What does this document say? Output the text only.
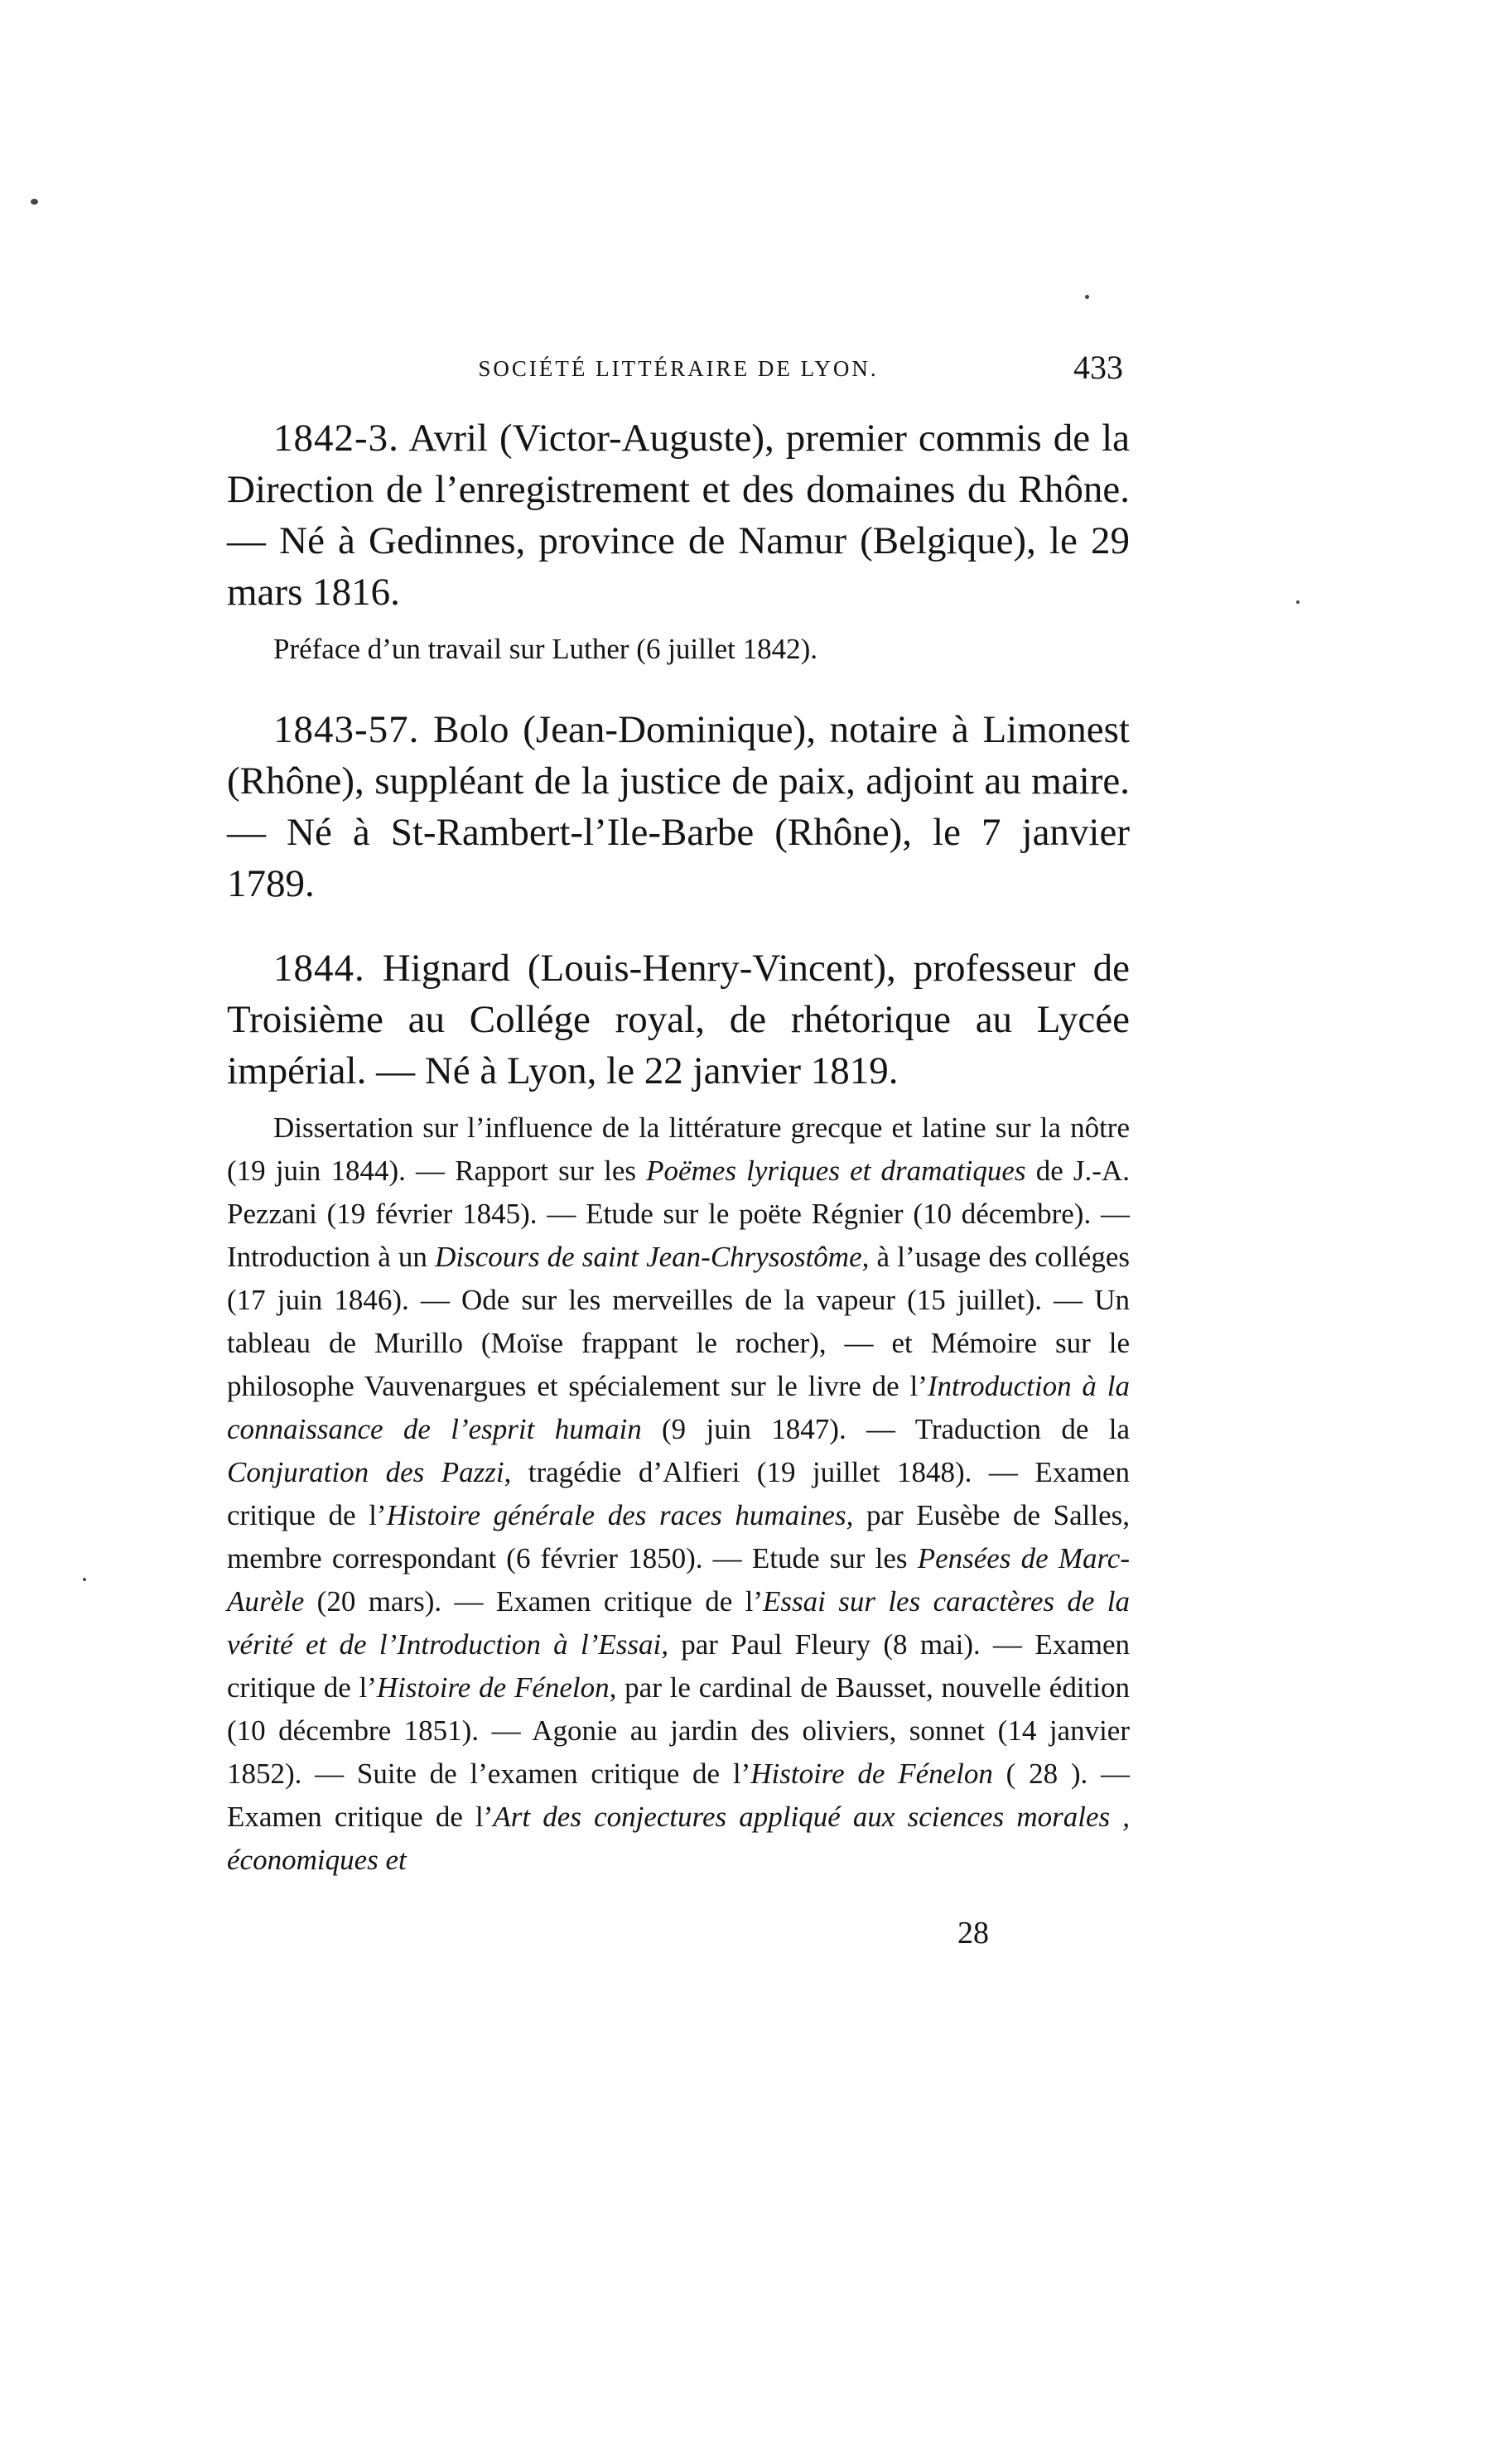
SOCIÉTÉ LITTÉRAIRE DE LYON.	433

1842-3. Avril (Victor-Auguste), premier commis de la Direction de l’enregistrement et des domaines du Rhône.— Né à Gedinnes, province de Namur (Belgique), le 29 mars 1816.

Préface d’un travail sur Luther (6 juillet 1842).

1843-57. Bolo (Jean-Dominique), notaire à Limonest (Rhône), suppléant de la justice de paix, adjoint au maire. — Né à St-Rambert-l’Ile-Barbe (Rhône), le 7 janvier 1789.

1844. Hignard (Louis-Henry-Vincent), professeur de Troisième au Collége royal, de rhétorique au Lycée impérial. — Né à Lyon, le 22 janvier 1819.

Dissertation sur l’influence de la littérature grecque et latine sur la nôtre (19 juin 1844). — Rapport sur les Poëmes lyriques et dramatiques de J.-A. Pezzani (19 février 1845). — Etude sur le poëte Régnier (10 décembre). — Introduction à un Discours de saint Jean-Chrysostôme, à l’usage des colléges (17 juin 1846). — Ode sur les merveilles de la vapeur (15 juillet). — Un tableau de Murillo (Moïse frappant le rocher), — et Mémoire sur le philosophe Vauvenargues et spécialement sur le livre de l’Introduction à la connaissance de l’esprit humain (9 juin 1847). — Traduction de la Conjuration des Pazzi, tragédie d’Alfieri (19 juillet 1848). — Examen critique de l’Histoire générale des races humaines, par Eusèbe de Salles, membre correspondant (6 février 1850). — Etude sur les Pensées de Marc-Aurèle (20 mars). — Examen critique de l’Essai sur les caractères de la vérité et de l’Introduction à l’Essai, par Paul Fleury (8 mai). — Examen critique de l’Histoire de Fénelon, par le cardinal de Bausset, nouvelle édition (10 décembre 1851). — Agonie au jardin des oliviers, sonnet (14 janvier 1852). — Suite de l’examen critique de l’Histoire de Fénelon ( 28 ). — Examen critique de l’Art des conjectures appliqué aux sciences morales , économiques et

28
